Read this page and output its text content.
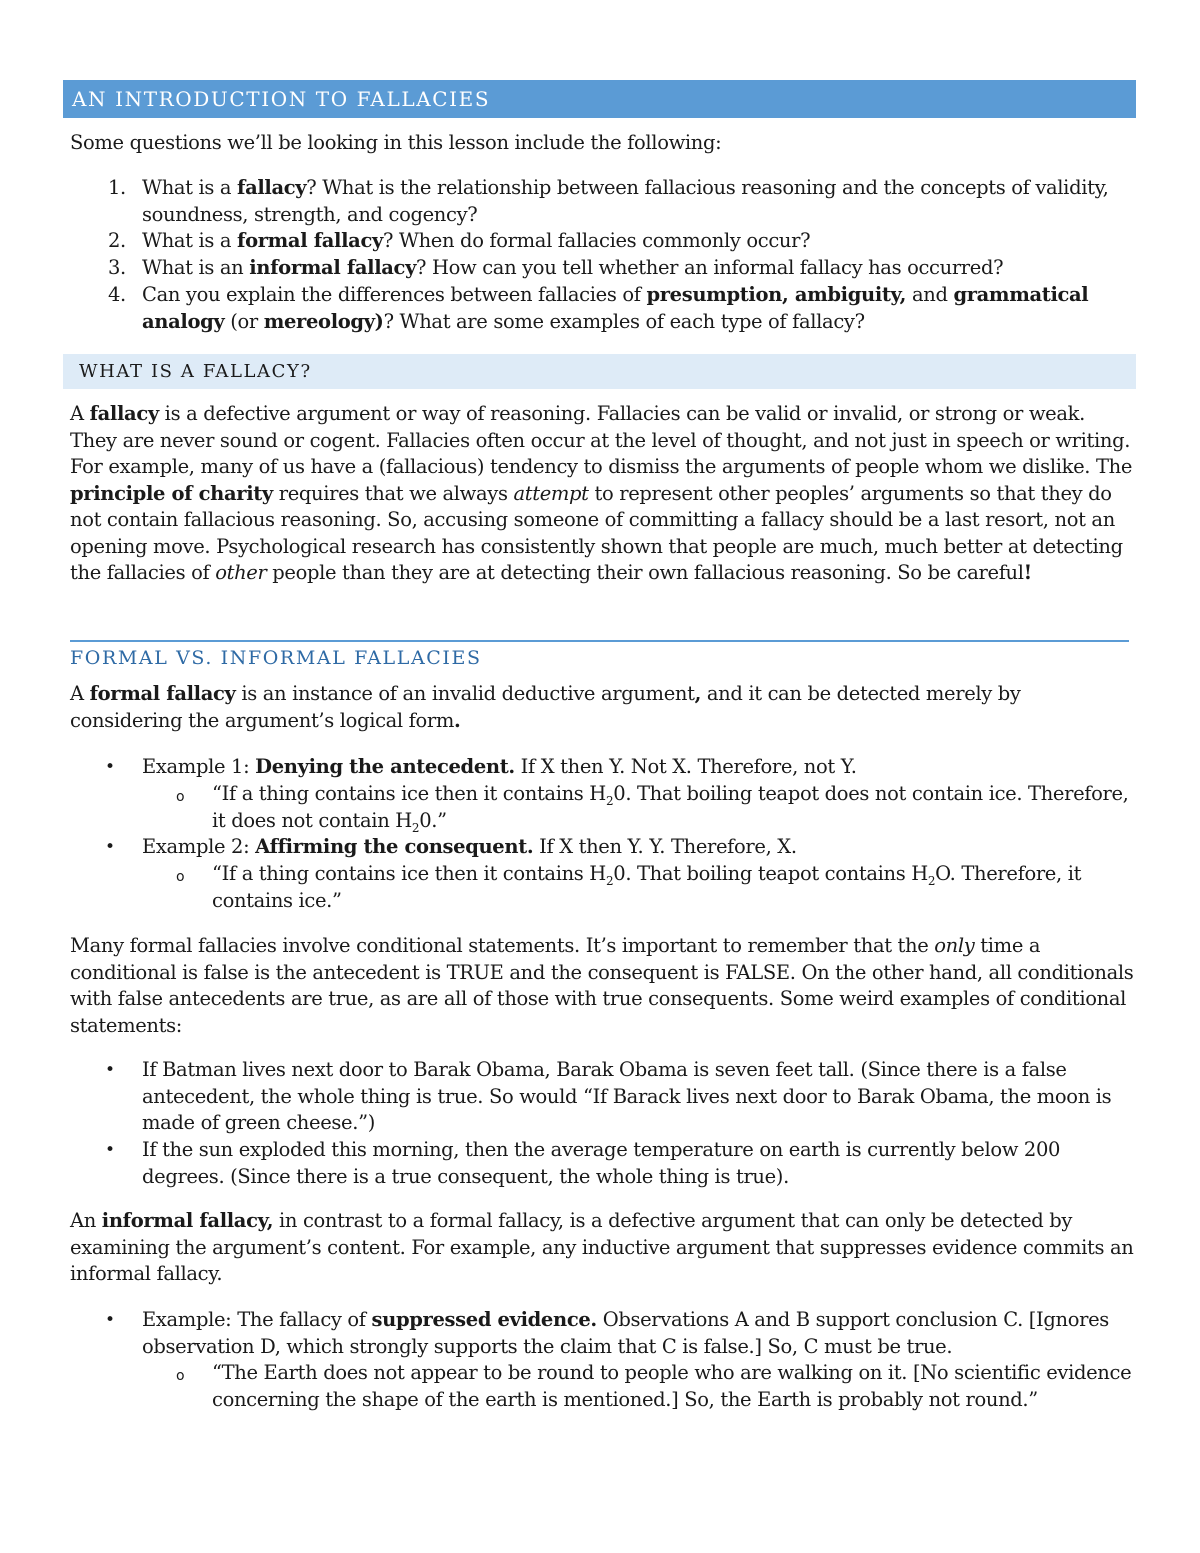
AN INTRODUCTION TO FALLACIES
Some questions we’ll be looking in this lesson include the following:
1. What is a fallacy? What is the relationship between fallacious reasoning and the concepts of validity, soundness, strength, and cogency?
2. What is a formal fallacy? When do formal fallacies commonly occur?
3. What is an informal fallacy? How can you tell whether an informal fallacy has occurred?
4. Can you explain the differences between fallacies of presumption, ambiguity, and grammatical analogy (or mereology)? What are some examples of each type of fallacy?
WHAT IS A FALLACY?
A fallacy is a defective argument or way of reasoning. Fallacies can be valid or invalid, or strong or weak. They are never sound or cogent. Fallacies often occur at the level of thought, and not just in speech or writing. For example, many of us have a (fallacious) tendency to dismiss the arguments of people whom we dislike. The principle of charity requires that we always attempt to represent other peoples’ arguments so that they do not contain fallacious reasoning. So, accusing someone of committing a fallacy should be a last resort, not an opening move. Psychological research has consistently shown that people are much, much better at detecting the fallacies of other people than they are at detecting their own fallacious reasoning. So be careful!
FORMAL VS. INFORMAL FALLACIES
A formal fallacy is an instance of an invalid deductive argument, and it can be detected merely by considering the argument’s logical form.
• Example 1: Denying the antecedent. If X then Y. Not X. Therefore, not Y.
o “If a thing contains ice then it contains $H_20$. That boiling teapot does not contain ice. Therefore, it does not contain $H_20$.”
• Example 2: Affirming the consequent. If X then Y. Y. Therefore, X.
o “If a thing contains ice then it contains $H_20$. That boiling teapot contains $H_2O$. Therefore, it contains ice.”
Many formal fallacies involve conditional statements. It’s important to remember that the only time a conditional is false is the antecedent is TRUE and the consequent is FALSE. On the other hand, all conditionals with false antecedents are true, as are all of those with true consequents. Some weird examples of conditional statements:
• If Batman lives next door to Barak Obama, Barak Obama is seven feet tall. (Since there is a false antecedent, the whole thing is true. So would “If Barack lives next door to Barak Obama, the moon is made of green cheese.”)
• If the sun exploded this morning, then the average temperature on earth is currently below 200 degrees. (Since there is a true consequent, the whole thing is true).
An informal fallacy, in contrast to a formal fallacy, is a defective argument that can only be detected by examining the argument’s content. For example, any inductive argument that suppresses evidence commits an informal fallacy.
• Example: The fallacy of suppressed evidence. Observations A and B support conclusion C. [Ignores observation D, which strongly supports the claim that C is false.] So, C must be true.
o “The Earth does not appear to be round to people who are walking on it. [No scientific evidence concerning the shape of the earth is mentioned.] So, the Earth is probably not round.”
